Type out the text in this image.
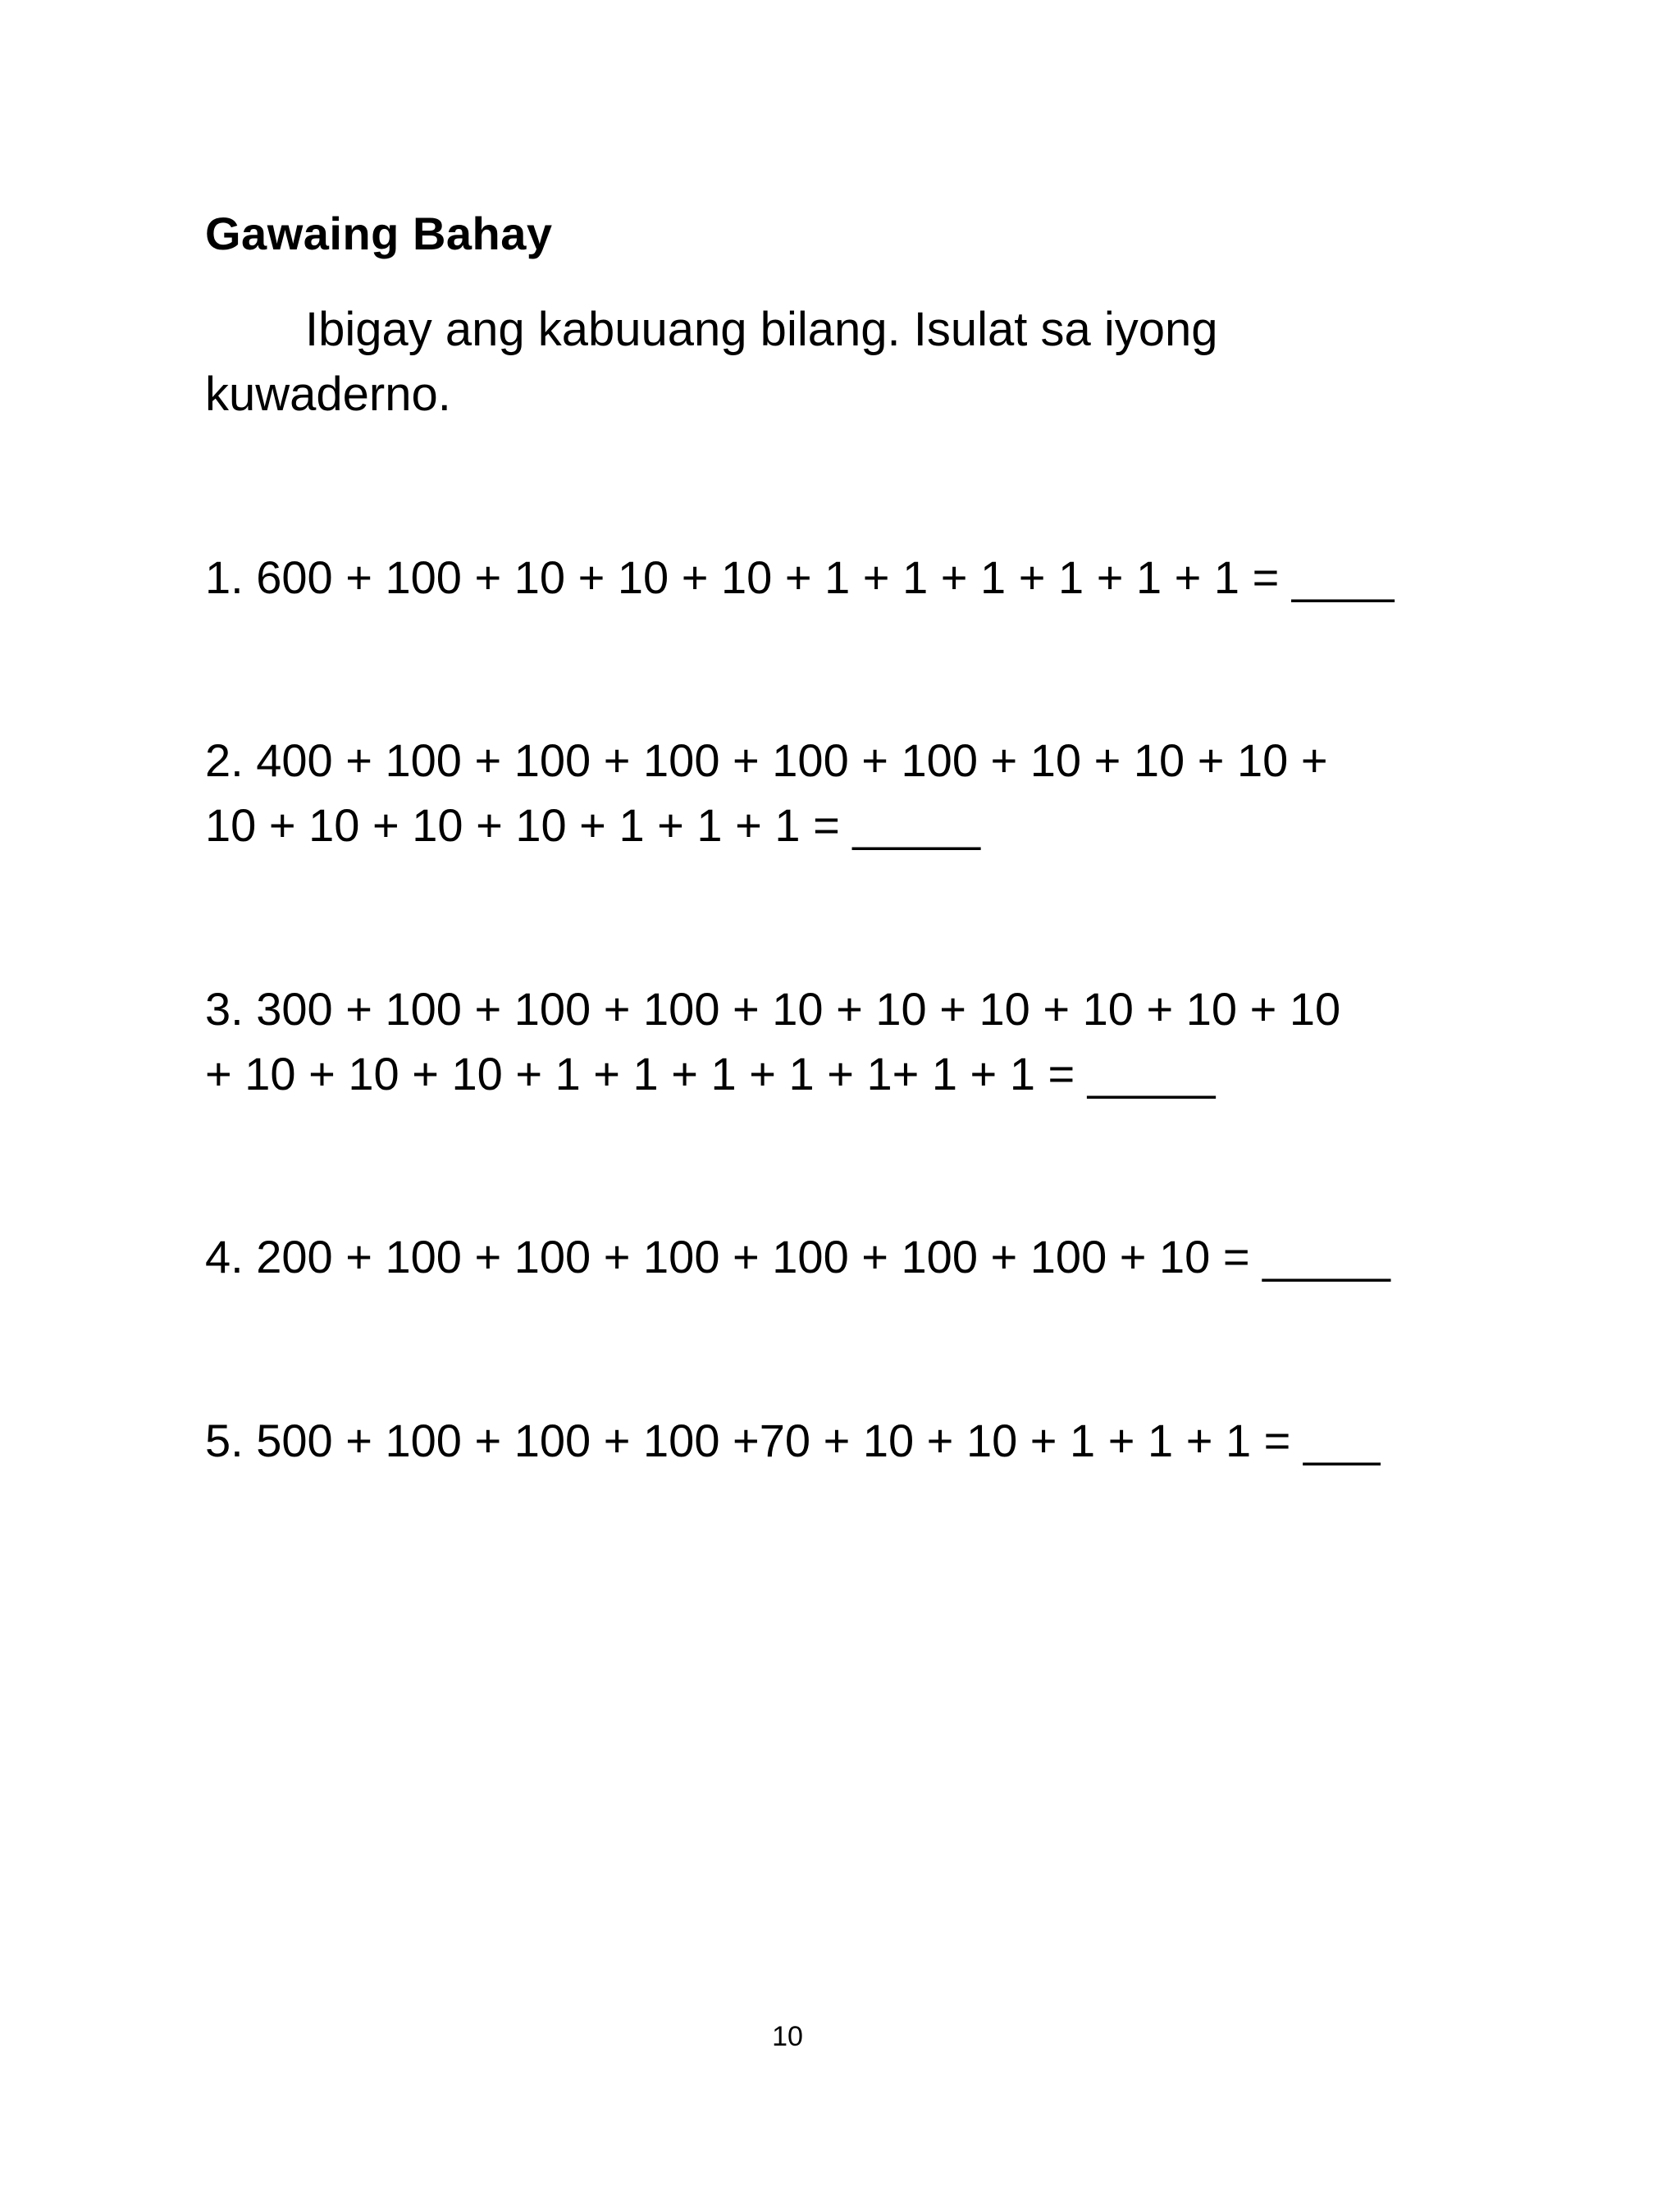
Gawaing Bahay

Ibigay ang kabuuang bilang. Isulat sa iyong
kuwaderno.

1. 600 + 100 + 10 + 10 + 10 + 1 + 1 + 1 + 1 + 1 + 1 = ____

2. 400 + 100 + 100 + 100 + 100 + 100 + 10 + 10 + 10 +
10 + 10 + 10 + 10 + 1 + 1 + 1 = _____

3. 300 + 100 + 100 + 100 + 10 + 10 + 10 + 10 + 10 + 10
+ 10 + 10 + 10 + 1 + 1 + 1 + 1 + 1+ 1 + 1 = _____

4. 200 + 100 + 100 + 100 + 100 + 100 + 100 + 10 = _____

5. 500 + 100 + 100 + 100 +70 + 10 + 10 + 1 + 1 + 1 = ___

10
